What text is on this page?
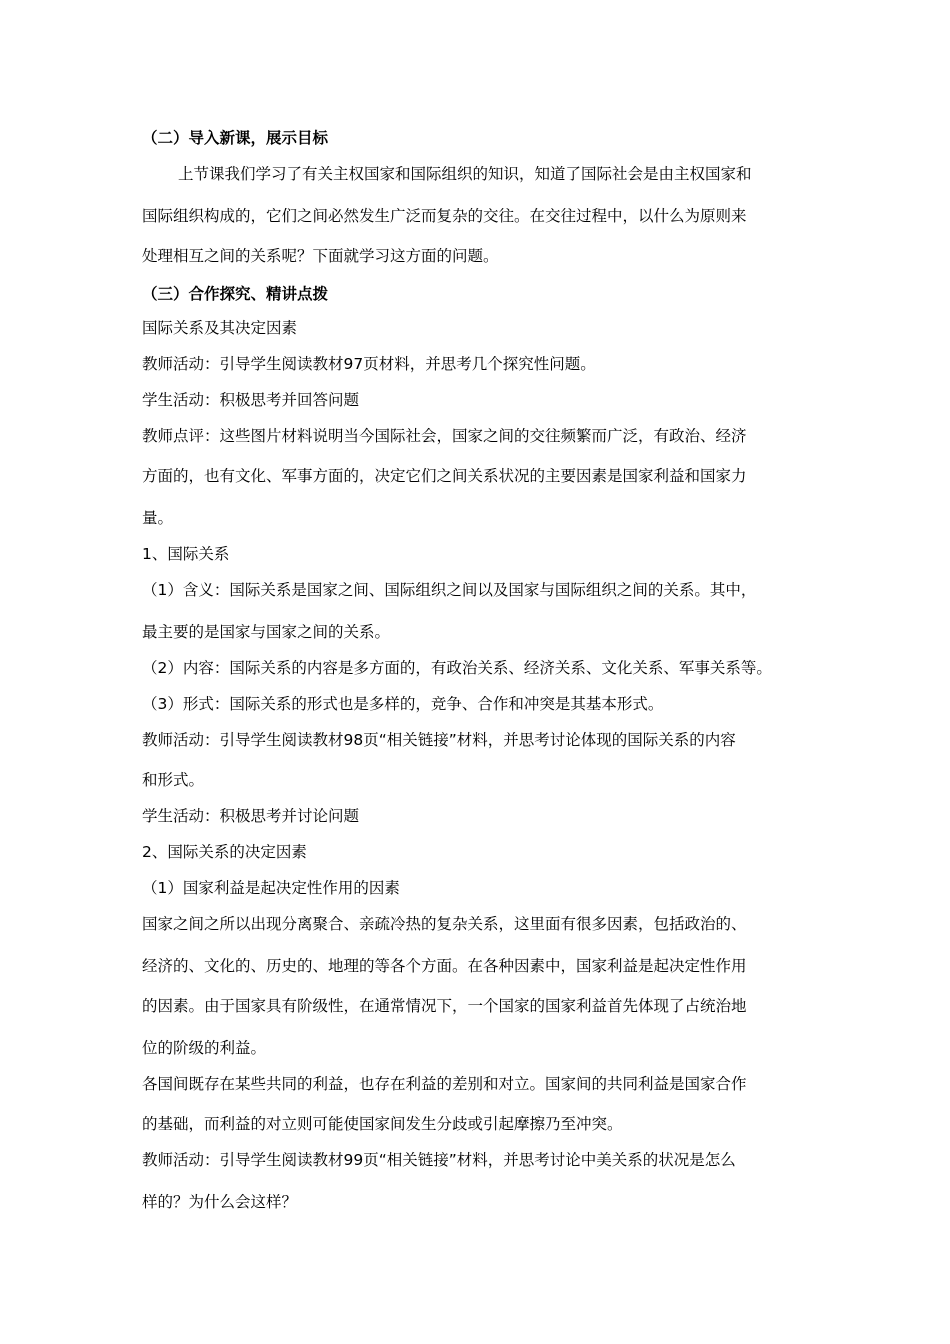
（二）导入新课，展示目标
上节课我们学习了有关主权国家和国际组织的知识，知道了国际社会是由主权国家和
国际组织构成的，它们之间必然发生广泛而复杂的交往。在交往过程中，以什么为原则来
处理相互之间的关系呢？下面就学习这方面的问题。
（三）合作探究、精讲点拨
国际关系及其决定因素
教师活动：引导学生阅读教材97页材料，并思考几个探究性问题。
学生活动：积极思考并回答问题
教师点评：这些图片材料说明当今国际社会，国家之间的交往频繁而广泛，有政治、经济
方面的，也有文化、军事方面的，决定它们之间关系状况的主要因素是国家利益和国家力
量。
1、国际关系
（1）含义：国际关系是国家之间、国际组织之间以及国家与国际组织之间的关系。其中，
最主要的是国家与国家之间的关系。
（2）内容：国际关系的内容是多方面的，有政治关系、经济关系、文化关系、军事关系等。
（3）形式：国际关系的形式也是多样的，竞争、合作和冲突是其基本形式。
教师活动：引导学生阅读教材98页“相关链接”材料，并思考讨论体现的国际关系的内容
和形式。
学生活动：积极思考并讨论问题
2、国际关系的决定因素
（1）国家利益是起决定性作用的因素
国家之间之所以出现分离聚合、亲疏冷热的复杂关系，这里面有很多因素，包括政治的、
经济的、文化的、历史的、地理的等各个方面。在各种因素中，国家利益是起决定性作用
的因素。由于国家具有阶级性，在通常情况下，一个国家的国家利益首先体现了占统治地
位的阶级的利益。
各国间既存在某些共同的利益，也存在利益的差别和对立。国家间的共同利益是国家合作
的基础，而利益的对立则可能使国家间发生分歧或引起摩擦乃至冲突。
教师活动：引导学生阅读教材99页“相关链接”材料，并思考讨论中美关系的状况是怎么
样的？为什么会这样？
